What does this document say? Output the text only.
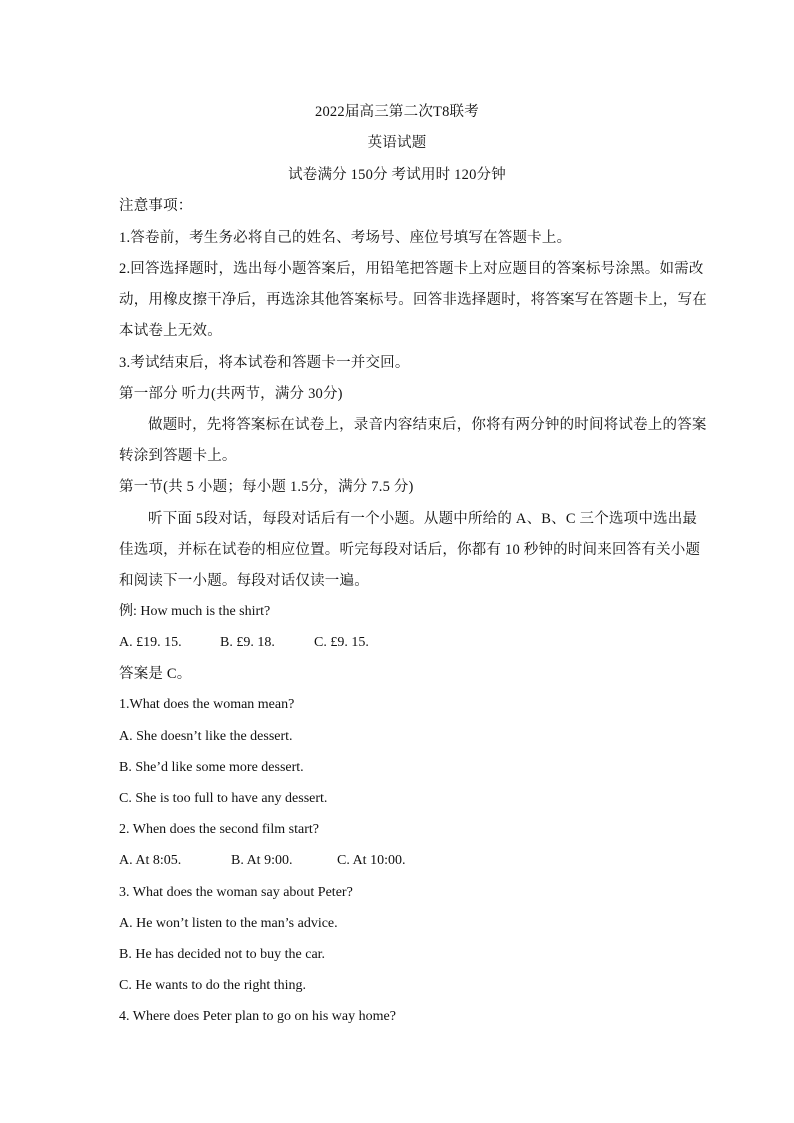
2022届高三第二次T8联考
英语试题
试卷满分 150分 考试用时 120分钟
注意事项：
1.答卷前，考生务必将自己的姓名、考场号、座位号填写在答题卡上。
2.回答选择题时，选出每小题答案后，用铅笔把答题卡上对应题目的答案标号涂黑。如需改
动，用橡皮擦干净后，再选涂其他答案标号。回答非选择题时，将答案写在答题卡上，写在
本试卷上无效。
3.考试结束后，将本试卷和答题卡一并交回。
第一部分 听力(共两节，满分 30分)
做题时，先将答案标在试卷上，录音内容结束后，你将有两分钟的时间将试卷上的答案
转涂到答题卡上。
第一节(共 5 小题；每小题 1.5分，满分 7.5 分)
听下面 5段对话，每段对话后有一个小题。从题中所给的 A、B、C 三个选项中选出最
佳选项，并标在试卷的相应位置。听完每段对话后，你都有 10 秒钟的时间来回答有关小题
和阅读下一小题。每段对话仅读一遍。
例: How much is the shirt?
A. £19. 15.	B. £9. 18.	C. £9. 15.
答案是 C。
1.What does the woman mean?
A. She doesn’t like the dessert.
B. She’d like some more dessert.
C. She is too full to have any dessert.
2. When does the second film start?
A. At 8:05.	B. At 9:00.	C. At 10:00.
3. What does the woman say about Peter?
A. He won’t listen to the man’s advice.
B. He has decided not to buy the car.
C. He wants to do the right thing.
4. Where does Peter plan to go on his way home?
